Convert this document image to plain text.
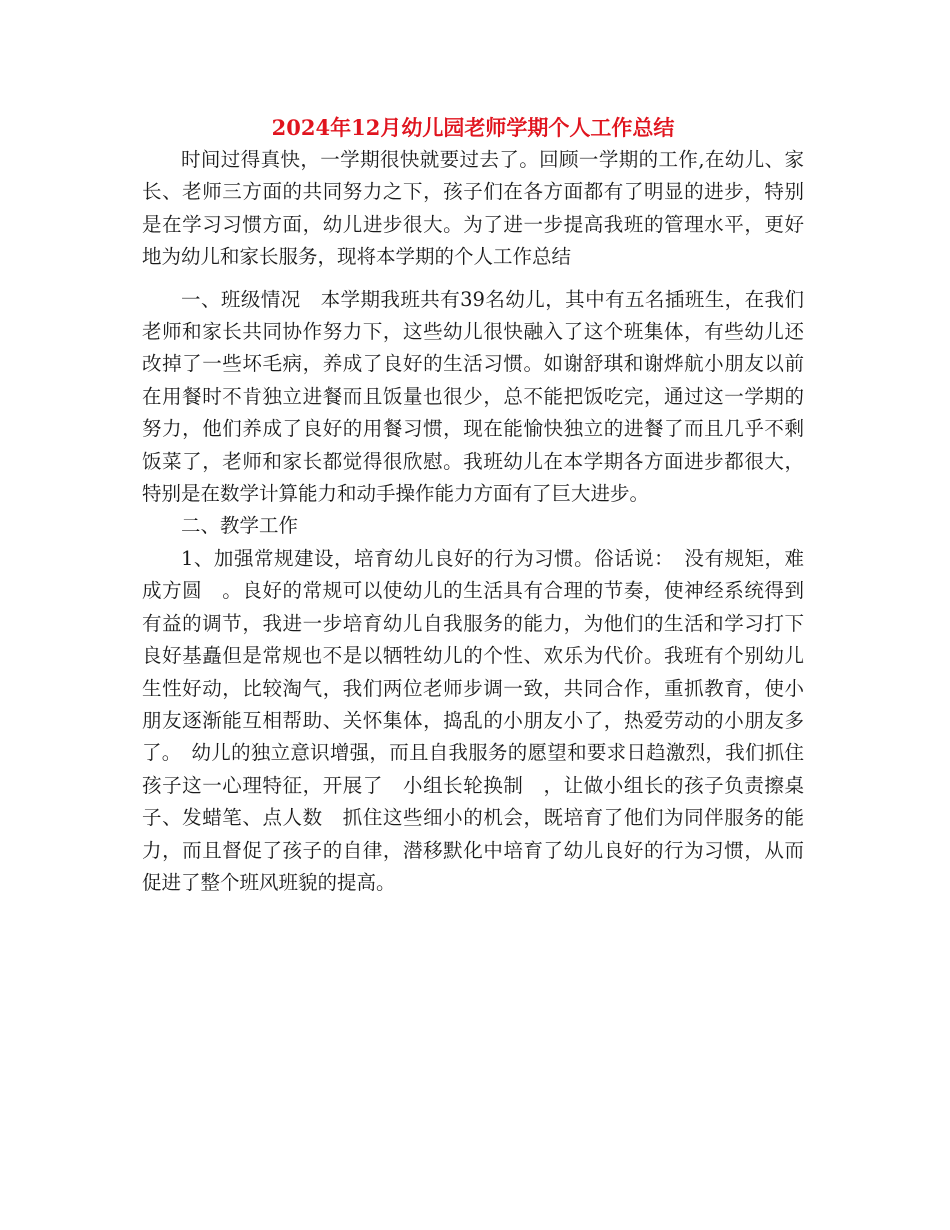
2024年12月幼儿园老师学期个人工作总结

时间过得真快，一学期很快就要过去了。回顾一学期的工作,在幼儿、家长、老师三方面的共同努力之下，孩子们在各方面都有了明显的进步，特别是在学习习惯方面，幼儿进步很大。为了进一步提高我班的管理水平，更好地为幼儿和家长服务，现将本学期的个人工作总结

一、班级情况　本学期我班共有39名幼儿，其中有五名插班生，在我们老师和家长共同协作努力下，这些幼儿很快融入了这个班集体，有些幼儿还改掉了一些坏毛病，养成了良好的生活习惯。如谢舒琪和谢烨航小朋友以前在用餐时不肯独立进餐而且饭量也很少，总不能把饭吃完，通过这一学期的努力，他们养成了良好的用餐习惯，现在能愉快独立的进餐了而且几乎不剩饭菜了，老师和家长都觉得很欣慰。我班幼儿在本学期各方面进步都很大，特别是在数学计算能力和动手操作能力方面有了巨大进步。

二、教学工作

1、加强常规建设，培育幼儿良好的行为习惯。俗话说：　没有规矩，难成方圆　。良好的常规可以使幼儿的生活具有合理的节奏，使神经系统得到有益的调节，我进一步培育幼儿自我服务的能力，为他们的生活和学习打下良好基矗但是常规也不是以牺牲幼儿的个性、欢乐为代价。我班有个别幼儿生性好动，比较淘气，我们两位老师步调一致，共同合作，重抓教育，使小朋友逐渐能互相帮助、关怀集体，捣乱的小朋友小了，热爱劳动的小朋友多了。　幼儿的独立意识增强，而且自我服务的愿望和要求日趋激烈，我们抓住孩子这一心理特征，开展了　小组长轮换制　，让做小组长的孩子负责擦桌子、发蜡笔、点人数　抓住这些细小的机会，既培育了他们为同伴服务的能力，而且督促了孩子的自律，潜移默化中培育了幼儿良好的行为习惯，从而促进了整个班风班貌的提高。
